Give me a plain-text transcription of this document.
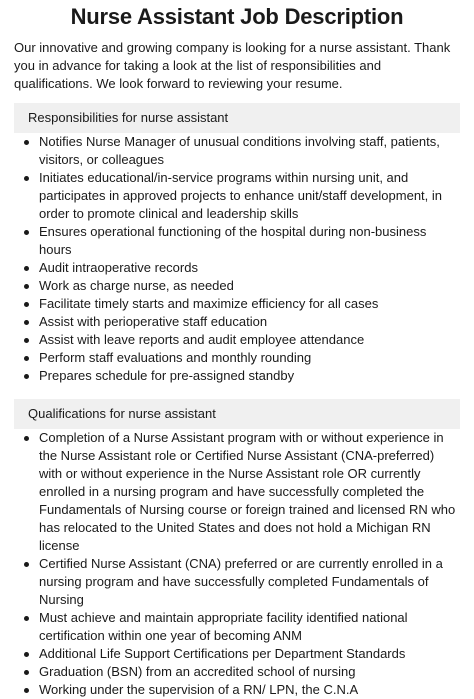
Nurse Assistant Job Description

Our innovative and growing company is looking for a nurse assistant. Thank you in advance for taking a look at the list of responsibilities and qualifications. We look forward to reviewing your resume.

Responsibilities for nurse assistant
Notifies Nurse Manager of unusual conditions involving staff, patients, visitors, or colleagues
Initiates educational/in-service programs within nursing unit, and participates in approved projects to enhance unit/staff development, in order to promote clinical and leadership skills
Ensures operational functioning of the hospital during non-business hours
Audit intraoperative records
Work as charge nurse, as needed
Facilitate timely starts and maximize efficiency for all cases
Assist with perioperative staff education
Assist with leave reports and audit employee attendance
Perform staff evaluations and monthly rounding
Prepares schedule for pre-assigned standby
Qualifications for nurse assistant
Completion of a Nurse Assistant program with or without experience in the Nurse Assistant role or Certified Nurse Assistant (CNA-preferred) with or without experience in the Nurse Assistant role OR currently enrolled in a nursing program and have successfully completed the Fundamentals of Nursing course or foreign trained and licensed RN who has relocated to the United States and does not hold a Michigan RN license
Certified Nurse Assistant (CNA) preferred or are currently enrolled in a nursing program and have successfully completed Fundamentals of Nursing
Must achieve and maintain appropriate facility identified national certification within one year of becoming ANM
Additional Life Support Certifications per Department Standards
Graduation (BSN) from an accredited school of nursing
Working under the supervision of a RN/ LPN, the C.N.A
